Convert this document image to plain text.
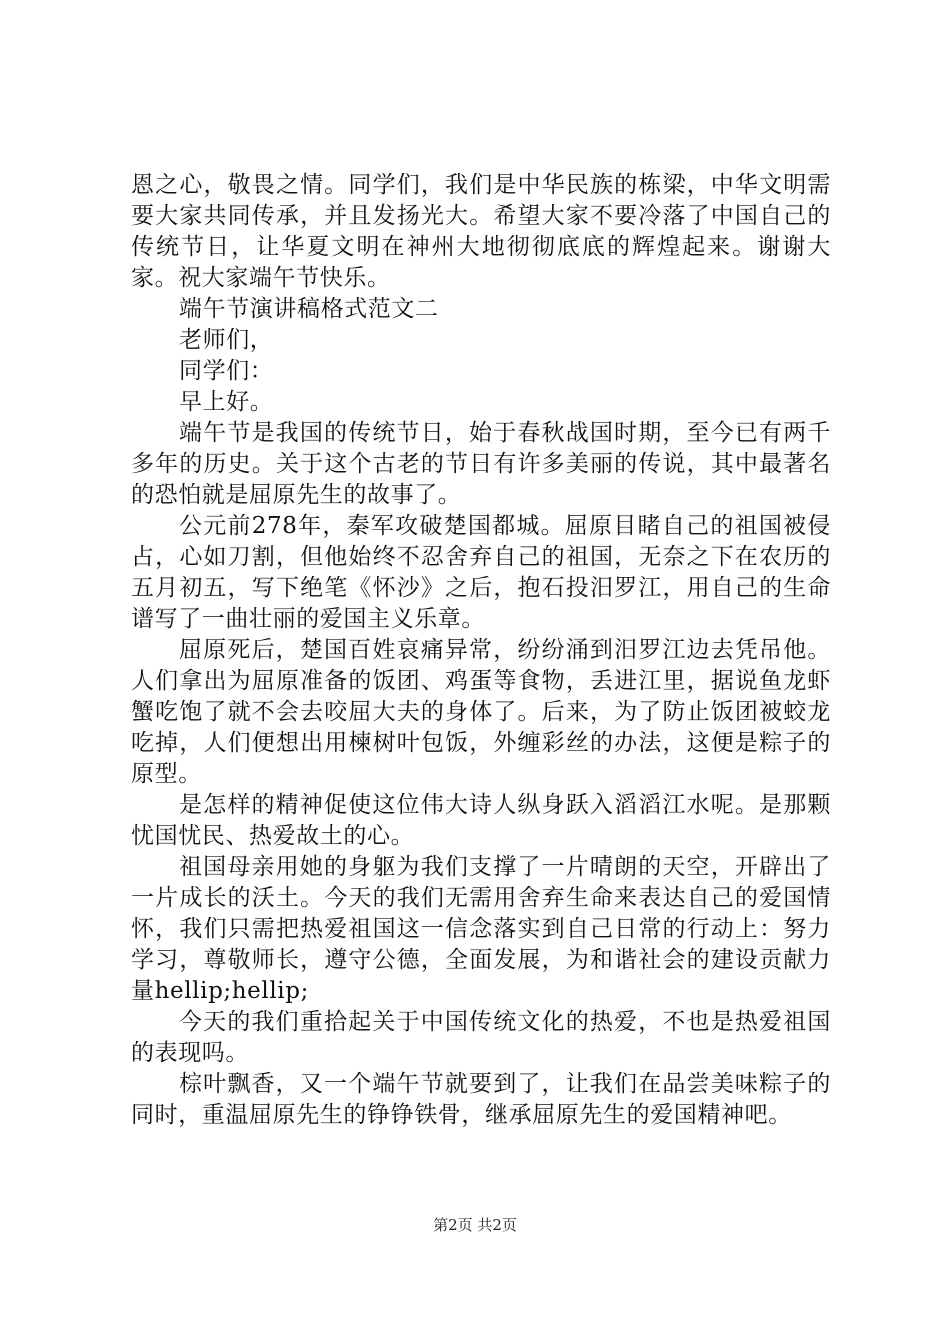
恩之心，敬畏之情。同学们，我们是中华民族的栋梁，中华文明需要大家共同传承，并且发扬光大。希望大家不要冷落了中国自己的传统节日，让华夏文明在神州大地彻彻底底的辉煌起来。谢谢大家。祝大家端午节快乐。

端午节演讲稿格式范文二

老师们，

同学们：

早上好。

端午节是我国的传统节日，始于春秋战国时期，至今已有两千多年的历史。关于这个古老的节日有许多美丽的传说，其中最著名的恐怕就是屈原先生的故事了。

公元前278年，秦军攻破楚国都城。屈原目睹自己的祖国被侵占，心如刀割，但他始终不忍舍弃自己的祖国，无奈之下在农历的五月初五，写下绝笔《怀沙》之后，抱石投汨罗江，用自己的生命谱写了一曲壮丽的爱国主义乐章。

屈原死后，楚国百姓哀痛异常，纷纷涌到汨罗江边去凭吊他。人们拿出为屈原准备的饭团、鸡蛋等食物，丢进江里，据说鱼龙虾蟹吃饱了就不会去咬屈大夫的身体了。后来，为了防止饭团被蛟龙吃掉，人们便想出用楝树叶包饭，外缠彩丝的办法，这便是粽子的原型。

是怎样的精神促使这位伟大诗人纵身跃入滔滔江水呢。是那颗忧国忧民、热爱故土的心。

祖国母亲用她的身躯为我们支撑了一片晴朗的天空，开辟出了一片成长的沃土。今天的我们无需用舍弃生命来表达自己的爱国情怀，我们只需把热爱祖国这一信念落实到自己日常的行动上：努力学习，尊敬师长，遵守公德，全面发展，为和谐社会的建设贡献力量hellip;hellip;

今天的我们重拾起关于中国传统文化的热爱，不也是热爱祖国的表现吗。

棕叶飘香，又一个端午节就要到了，让我们在品尝美味粽子的同时，重温屈原先生的铮铮铁骨，继承屈原先生的爱国精神吧。

第2页 共2页
